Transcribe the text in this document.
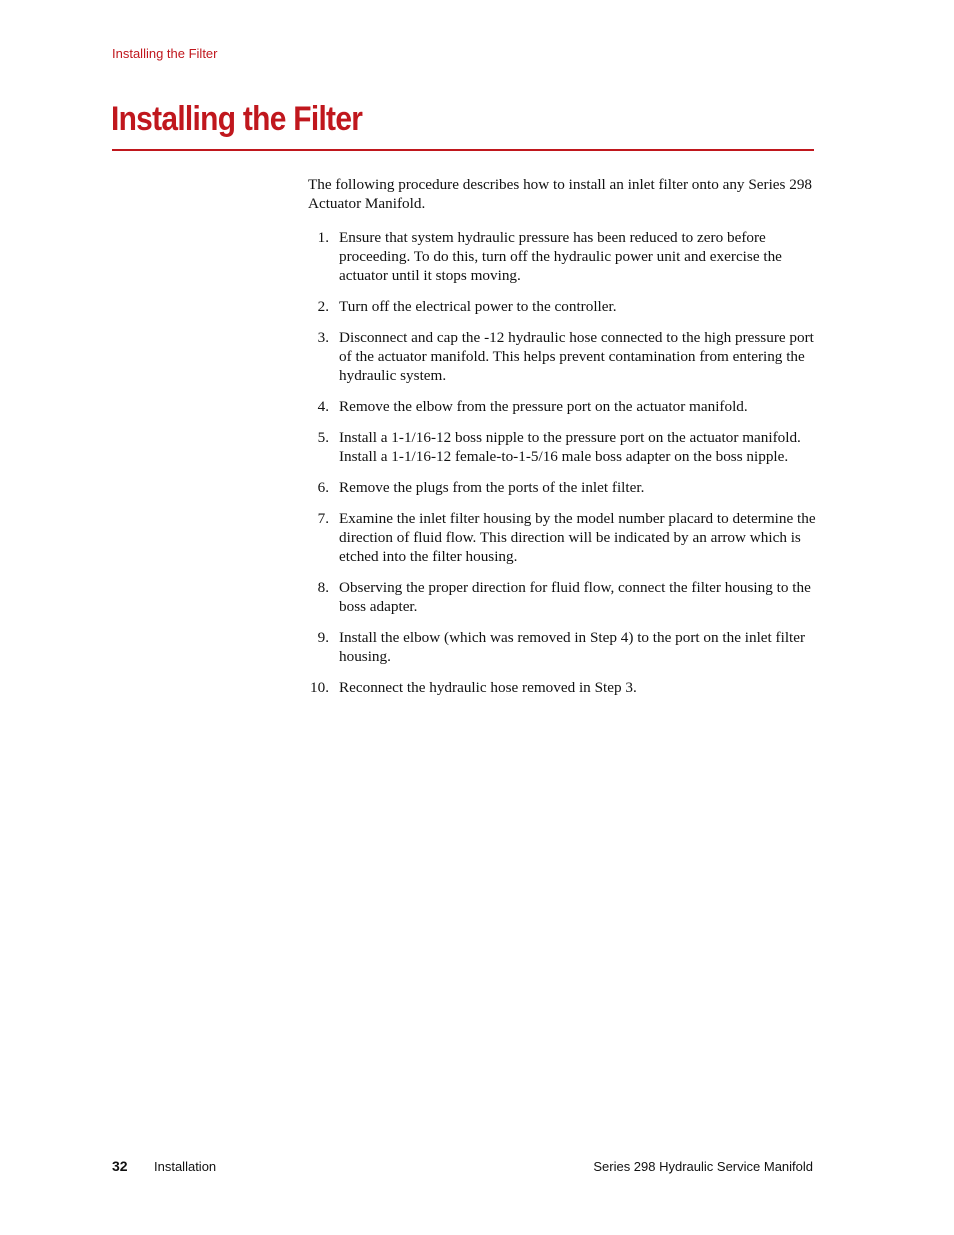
Installing the Filter
Installing the Filter

The following procedure describes how to install an inlet filter onto any Series 298 Actuator Manifold.

1. Ensure that system hydraulic pressure has been reduced to zero before proceeding. To do this, turn off the hydraulic power unit and exercise the actuator until it stops moving.
2. Turn off the electrical power to the controller.
3. Disconnect and cap the -12 hydraulic hose connected to the high pressure port of the actuator manifold. This helps prevent contamination from entering the hydraulic system.
4. Remove the elbow from the pressure port on the actuator manifold.
5. Install a 1-1/16-12 boss nipple to the pressure port on the actuator manifold. Install a 1-1/16-12 female-to-1-5/16 male boss adapter on the boss nipple.
6. Remove the plugs from the ports of the inlet filter.
7. Examine the inlet filter housing by the model number placard to determine the direction of fluid flow. This direction will be indicated by an arrow which is etched into the filter housing.
8. Observing the proper direction for fluid flow, connect the filter housing to the boss adapter.
9. Install the elbow (which was removed in Step 4) to the port on the inlet filter housing.
10. Reconnect the hydraulic hose removed in Step 3.
32 Installation	Series 298 Hydraulic Service Manifold
